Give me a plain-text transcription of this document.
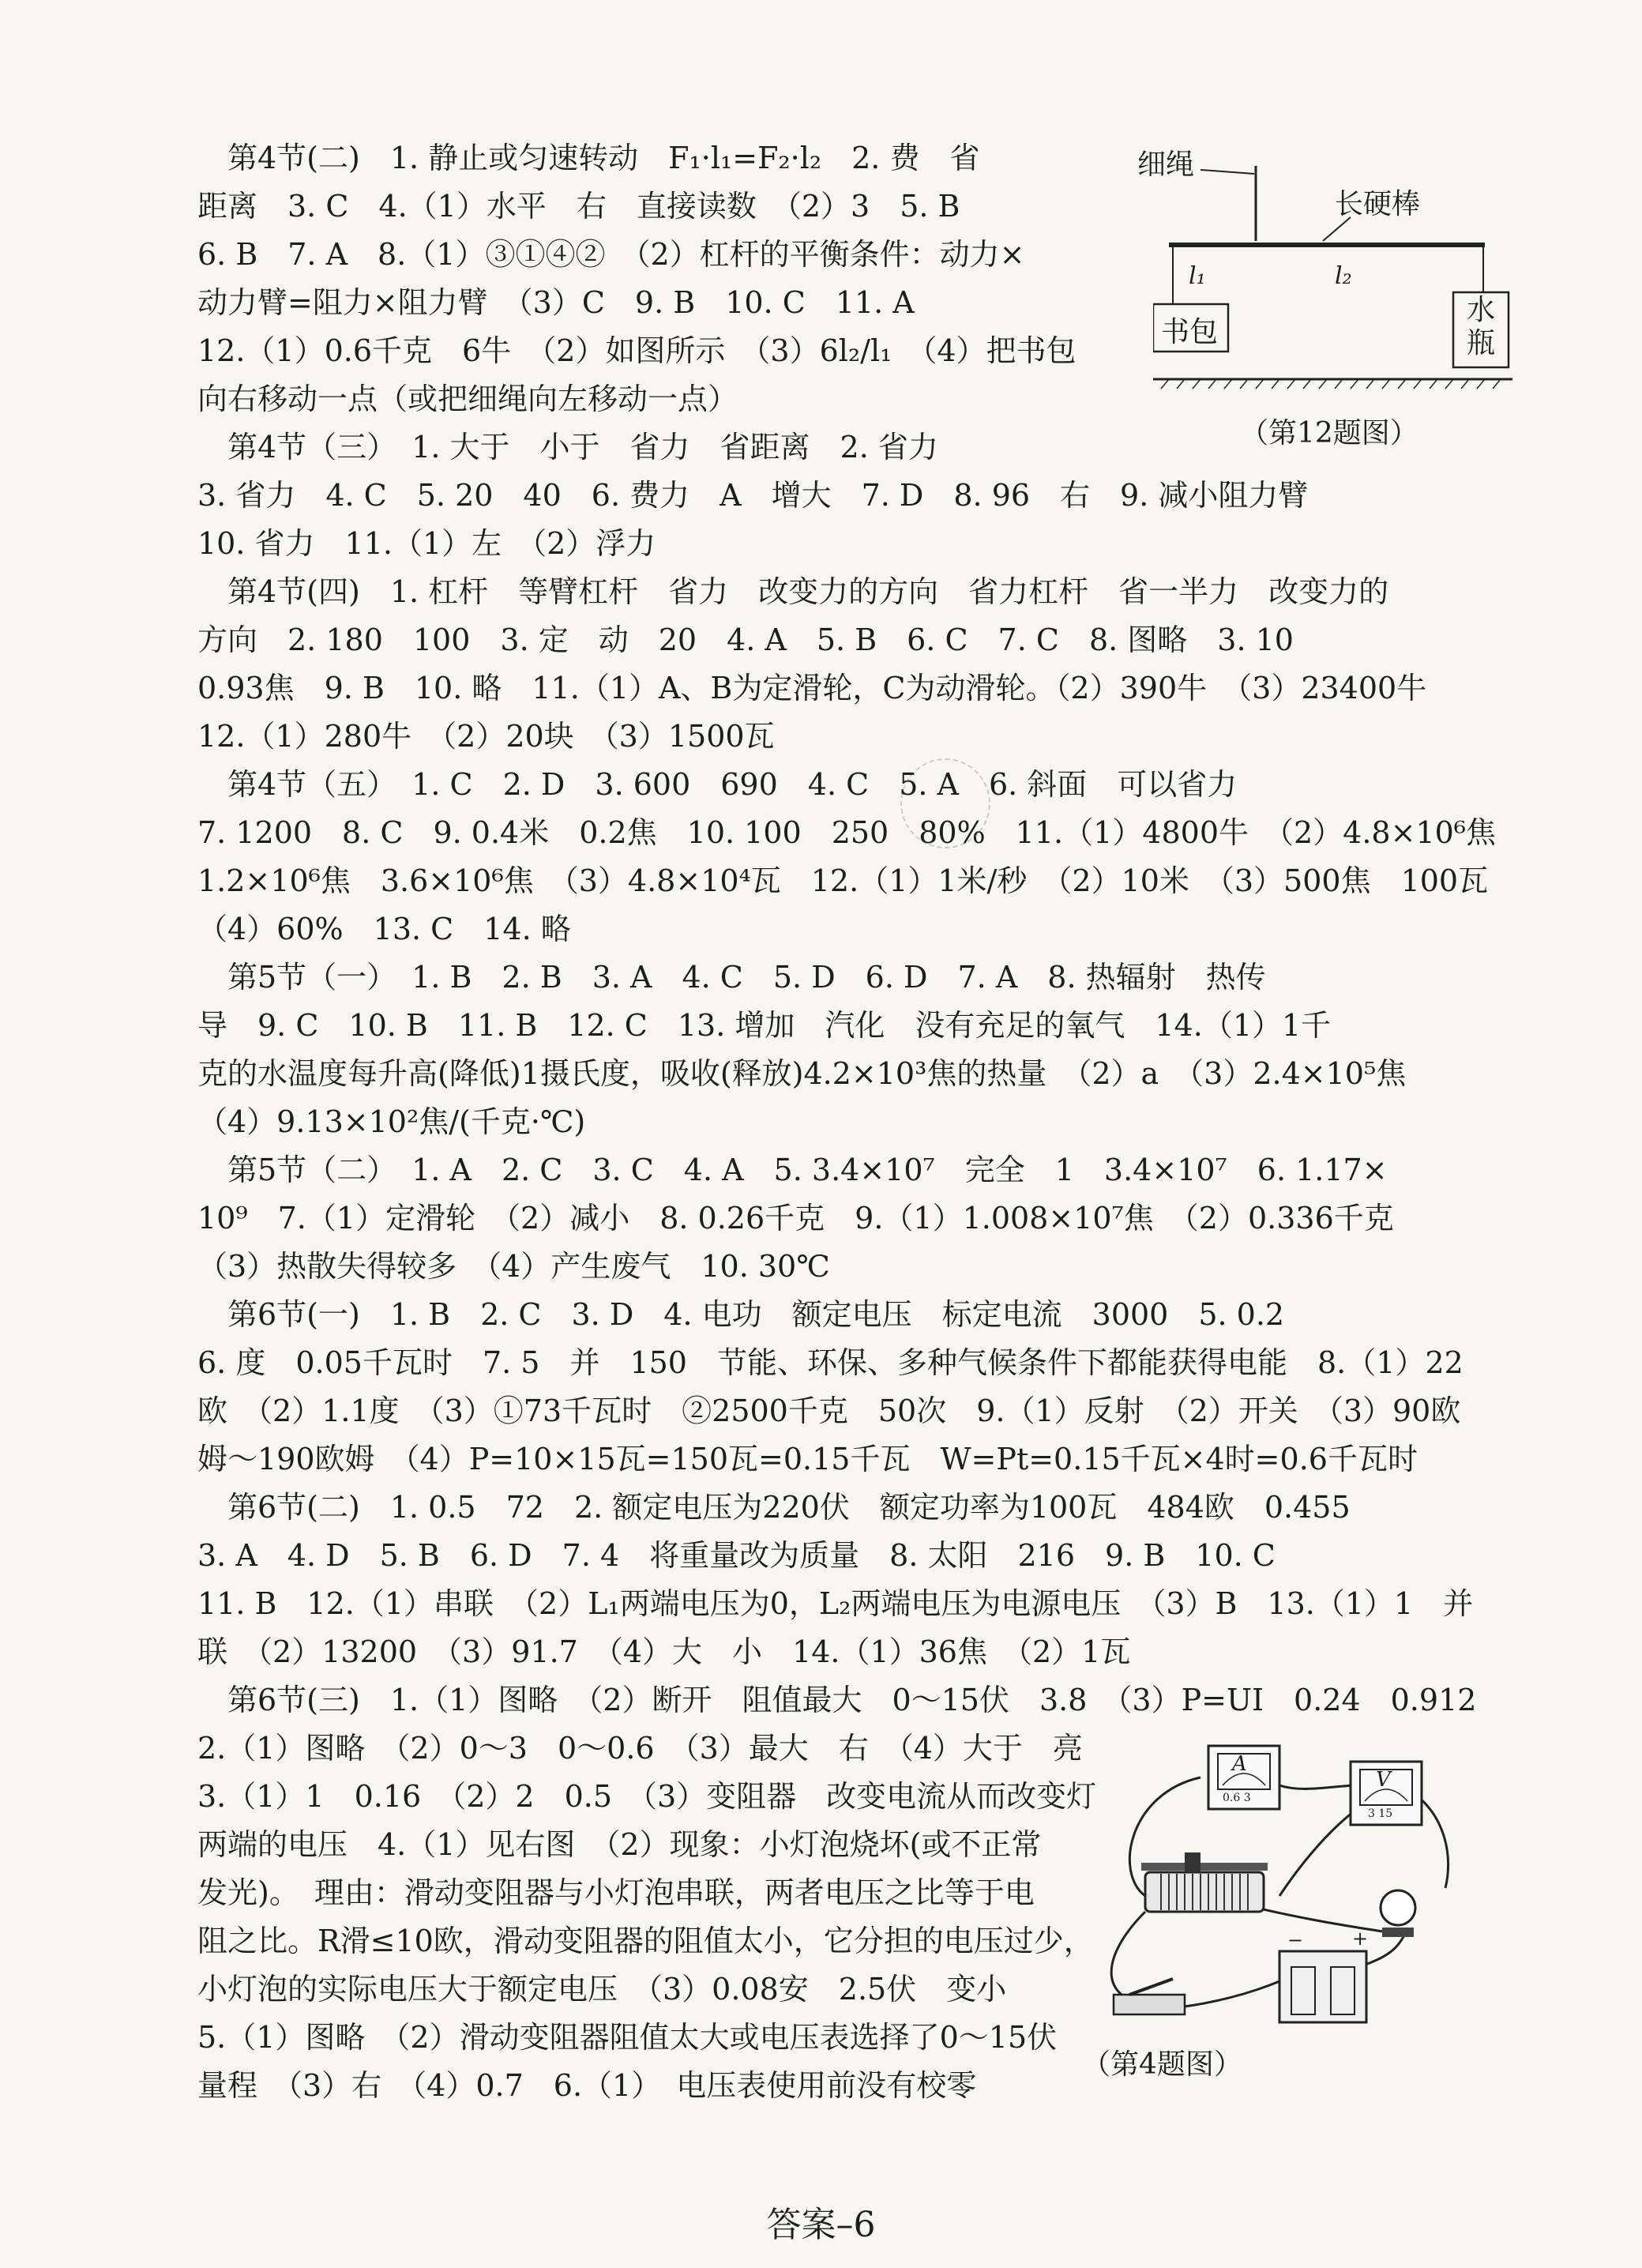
　第4节(二)　1. 静止或匀速转动　F₁·l₁=F₂·l₂　2. 费　省
距离　3. C　4.（1）水平　右　直接读数　（2）3　5. B
6. B　7. A　8.（1）③①④②　（2）杠杆的平衡条件：动力×
动力臂=阻力×阻力臂　（3）C　9. B　10. C　11. A
12.（1）0.6千克　6牛　（2）如图所示　（3）6l₂/l₁　（4）把书包
向右移动一点（或把细绳向左移动一点）
　第4节（三）　1. 大于　小于　省力　省距离　2. 省力
3. 省力　4. C　5. 20　40　6. 费力　A　增大　7. D　8. 96　右　9. 减小阻力臂
10. 省力　11.（1）左　（2）浮力
　第4节(四)　1. 杠杆　等臂杠杆　省力　改变力的方向　省力杠杆　省一半力　改变力的
方向　2. 180　100　3. 定　动　20　4. A　5. B　6. C　7. C　8. 图略　3. 10
0.93焦　9. B　10. 略　11.（1）A、B为定滑轮，C为动滑轮。（2）390牛　（3）23400牛
12.（1）280牛　（2）20块　（3）1500瓦
　第4节（五）　1. C　2. D　3. 600　690　4. C　5. A　6. 斜面　可以省力
7. 1200　8. C　9. 0.4米　0.2焦　10. 100　250　80%　11.（1）4800牛　（2）4.8×10⁶焦
1.2×10⁶焦　3.6×10⁶焦　（3）4.8×10⁴瓦　12.（1）1米/秒　（2）10米　（3）500焦　100瓦
（4）60%　13. C　14. 略
　第5节（一）　1. B　2. B　3. A　4. C　5. D　6. D　7. A　8. 热辐射　热传
导　9. C　10. B　11. B　12. C　13. 增加　汽化　没有充足的氧气　14.（1）1千
克的水温度每升高(降低)1摄氏度，吸收(释放)4.2×10³焦的热量　（2）a　（3）2.4×10⁵焦
（4）9.13×10²焦/(千克·℃)
　第5节（二）　1. A　2. C　3. C　4. A　5. 3.4×10⁷　完全　1　3.4×10⁷　6. 1.17×
10⁹　7.（1）定滑轮　（2）减小　8. 0.26千克　9.（1）1.008×10⁷焦　（2）0.336千克
（3）热散失得较多　（4）产生废气　10. 30℃
　第6节(一)　1. B　2. C　3. D　4. 电功　额定电压　标定电流　3000　5. 0.2
6. 度　0.05千瓦时　7. 5　并　150　节能、环保、多种气候条件下都能获得电能　8.（1）22
欧　（2）1.1度　（3）①73千瓦时　②2500千克　50次　9.（1）反射　（2）开关　（3）90欧
姆～190欧姆　（4）P=10×15瓦=150瓦=0.15千瓦　W=Pt=0.15千瓦×4时=0.6千瓦时
　第6节(二)　1. 0.5　72　2. 额定电压为220伏　额定功率为100瓦　484欧　0.455
3. A　4. D　5. B　6. D　7. 4　将重量改为质量　8. 太阳　216　9. B　10. C
11. B　12.（1）串联　（2）L₁两端电压为0，L₂两端电压为电源电压　（3）B　13.（1）1　并
联　（2）13200　（3）91.7　（4）大　小　14.（1）36焦　（2）1瓦
　第6节(三)　1.（1）图略　（2）断开　阻值最大　0～15伏　3.8　（3）P=UI　0.24　0.912
2.（1）图略　（2）0～3　0～0.6　（3）最大　右　（4）大于　亮
3.（1）1　0.16　（2）2　0.5　（3）变阻器　改变电流从而改变灯
两端的电压　4.（1）见右图　（2）现象：小灯泡烧坏(或不正常
发光)。　理由：滑动变阻器与小灯泡串联，两者电压之比等于电
阻之比。R滑≤10欧，滑动变阻器的阻值太小，它分担的电压过少，
小灯泡的实际电压大于额定电压　（3）0.08安　2.5伏　变小
5.（1）图略　（2）滑动变阻器阻值太大或电压表选择了0～15伏
量程　（3）右　（4）0.7　6.（1）　电压表使用前没有校零
细绳
长硬棒
l₁	l₂
书包
水瓶
（第12题图）
A
0.6 3
V
3 15
−	+
（第4题图）
答案–6
